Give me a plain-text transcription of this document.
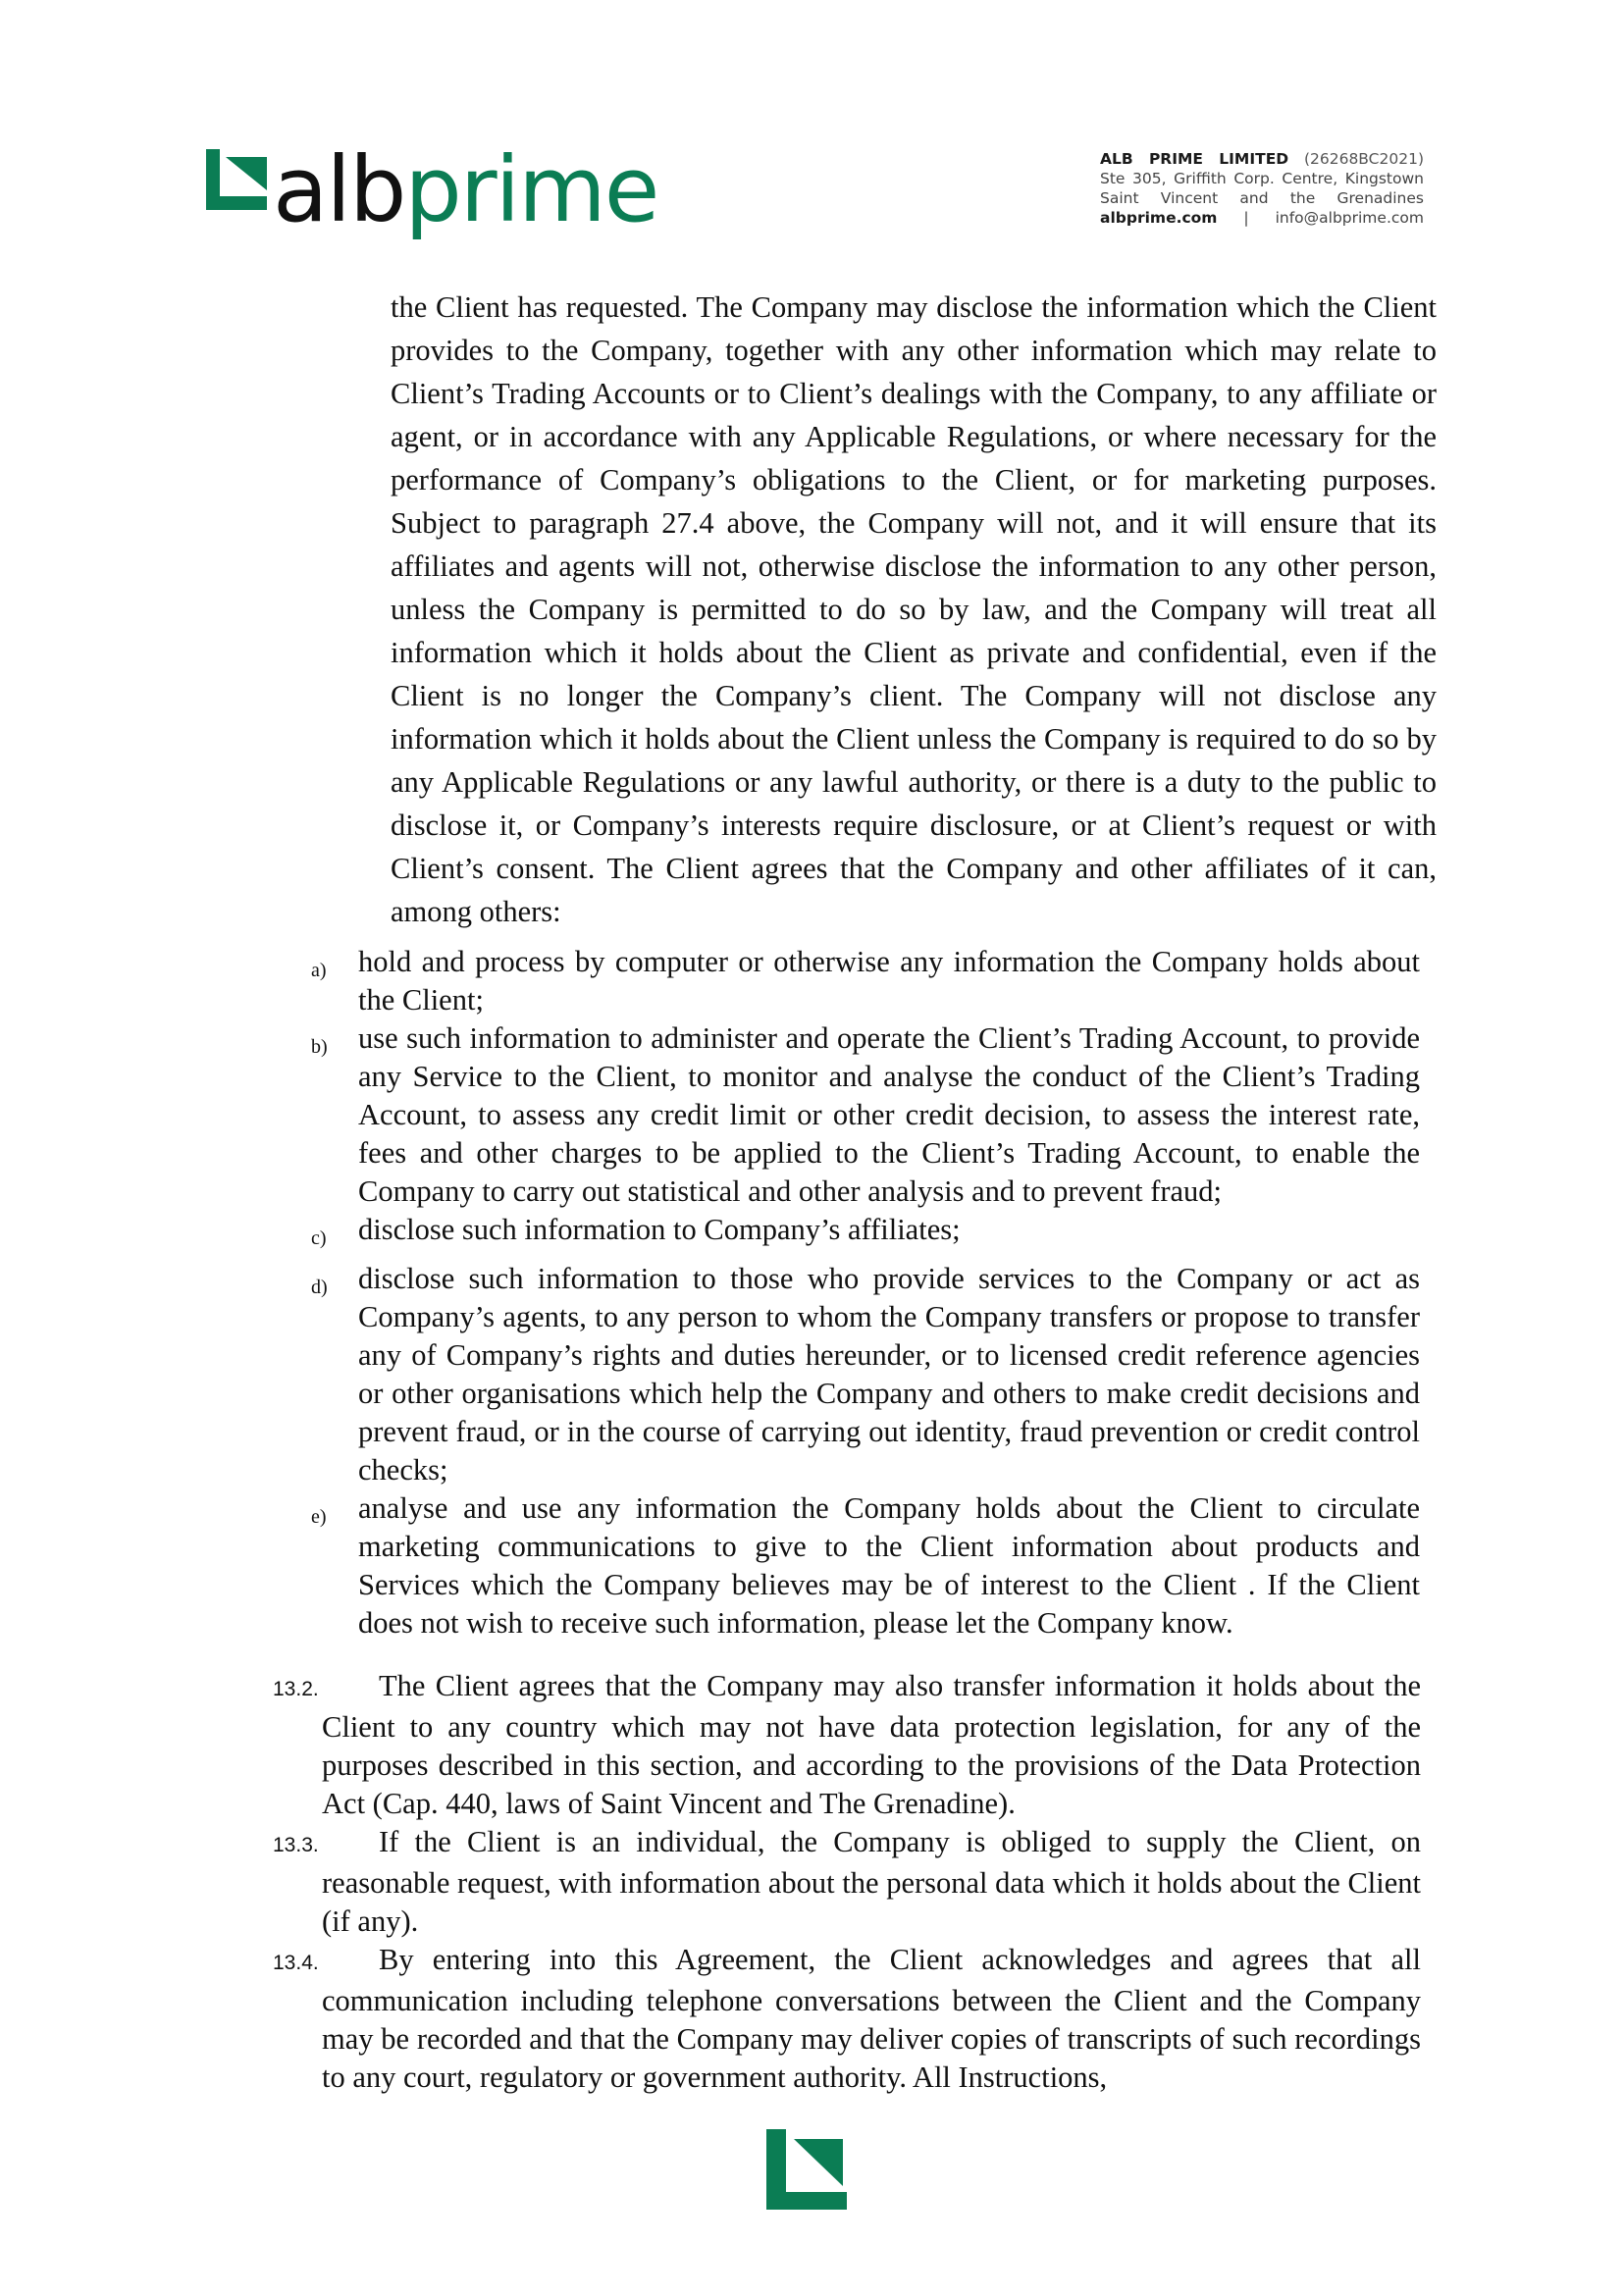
albprime	ALB PRIME LIMITED (26268BC2021)
Ste 305, Griffith Corp. Centre, Kingstown
Saint Vincent and the Grenadines
albprime.com | info@albprime.com
the Client has requested. The Company may disclose the information which the Client provides to the Company, together with any other information which may relate to Client’s Trading Accounts or to Client’s dealings with the Company, to any affiliate or agent, or in accordance with any Applicable Regulations, or where necessary for the performance of Company’s obligations to the Client, or for marketing purposes. Subject to paragraph 27.4 above, the Company will not, and it will ensure that its affiliates and agents will not, otherwise disclose the information to any other person, unless the Company is permitted to do so by law, and the Company will treat all information which it holds about the Client as private and confidential, even if the Client is no longer the Company’s client. The Company will not disclose any information which it holds about the Client unless the Company is required to do so by any Applicable Regulations or any lawful authority, or there is a duty to the public to disclose it, or Company’s interests require disclosure, or at Client’s request or with Client’s consent. The Client agrees that the Company and other affiliates of it can, among others:
a)	hold and process by computer or otherwise any information the Company holds about the Client;
b)	use such information to administer and operate the Client’s Trading Account, to provide any Service to the Client, to monitor and analyse the conduct of the Client’s Trading Account, to assess any credit limit or other credit decision, to assess the interest rate, fees and other charges to be applied to the Client’s Trading Account, to enable the Company to carry out statistical and other analysis and to prevent fraud;
c)	disclose such information to Company’s affiliates;
d)	disclose such information to those who provide services to the Company or act as Company’s agents, to any person to whom the Company transfers or propose to transfer any of Company’s rights and duties hereunder, or to licensed credit reference agencies or other organisations which help the Company and others to make credit decisions and prevent fraud, or in the course of carrying out identity, fraud prevention or credit control checks;
e)	analyse and use any information the Company holds about the Client to circulate marketing communications to give to the Client information about products and Services which the Company believes may be of interest to the Client . If the Client does not wish to receive such information, please let the Company know.
13.2. The Client agrees that the Company may also transfer information it holds about the Client to any country which may not have data protection legislation, for any of the purposes described in this section, and according to the provisions of the Data Protection Act (Cap. 440, laws of Saint Vincent and The Grenadine).
13.3. If the Client is an individual, the Company is obliged to supply the Client, on reasonable request, with information about the personal data which it holds about the Client (if any).
13.4. By entering into this Agreement, the Client acknowledges and agrees that all communication including telephone conversations between the Client and the Company may be recorded and that the Company may deliver copies of transcripts of such recordings to any court, regulatory or government authority. All Instructions,
